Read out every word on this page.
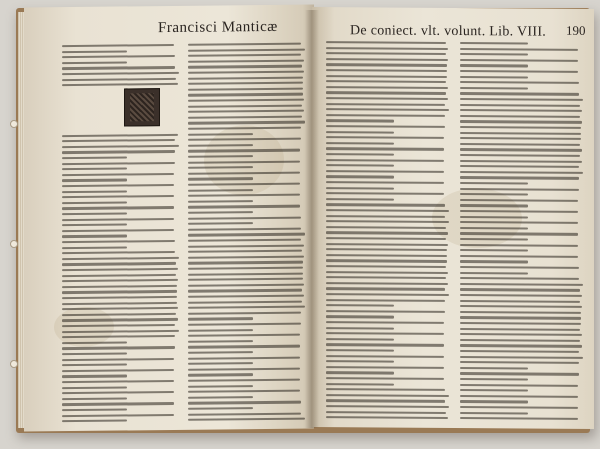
Francisci Manticæ	De coniect. vlt. volunt. Lib. VIII. 190
